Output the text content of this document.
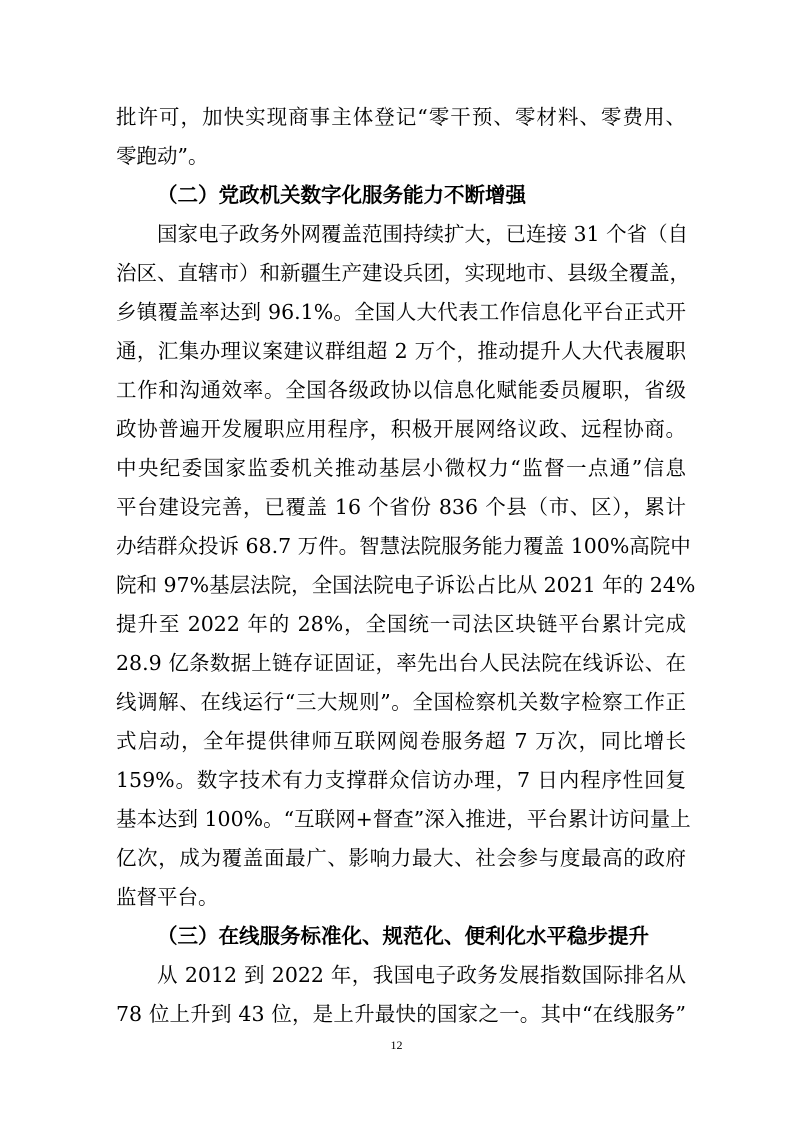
批许可，加快实现商事主体登记“零干预、零材料、零费用、
零跑动”。
（二）党政机关数字化服务能力不断增强
国家电子政务外网覆盖范围持续扩大，已连接 31 个省（自
治区、直辖市）和新疆生产建设兵团，实现地市、县级全覆盖，
乡镇覆盖率达到 96.1%。全国人大代表工作信息化平台正式开
通，汇集办理议案建议群组超 2 万个，推动提升人大代表履职
工作和沟通效率。全国各级政协以信息化赋能委员履职，省级
政协普遍开发履职应用程序，积极开展网络议政、远程协商。
中央纪委国家监委机关推动基层小微权力“监督一点通”信息
平台建设完善，已覆盖 16 个省份 836 个县（市、区），累计
办结群众投诉 68.7 万件。智慧法院服务能力覆盖 100%高院中
院和 97%基层法院，全国法院电子诉讼占比从 2021 年的 24%
提升至 2022 年的 28%，全国统一司法区块链平台累计完成
28.9 亿条数据上链存证固证，率先出台人民法院在线诉讼、在
线调解、在线运行“三大规则”。全国检察机关数字检察工作正
式启动，全年提供律师互联网阅卷服务超 7 万次，同比增长
159%。数字技术有力支撑群众信访办理，7 日内程序性回复
基本达到 100%。“互联网+督查”深入推进，平台累计访问量上
亿次，成为覆盖面最广、影响力最大、社会参与度最高的政府
监督平台。
（三）在线服务标准化、规范化、便利化水平稳步提升
从 2012 到 2022 年，我国电子政务发展指数国际排名从
78 位上升到 43 位，是上升最快的国家之一。其中“在线服务”
12
